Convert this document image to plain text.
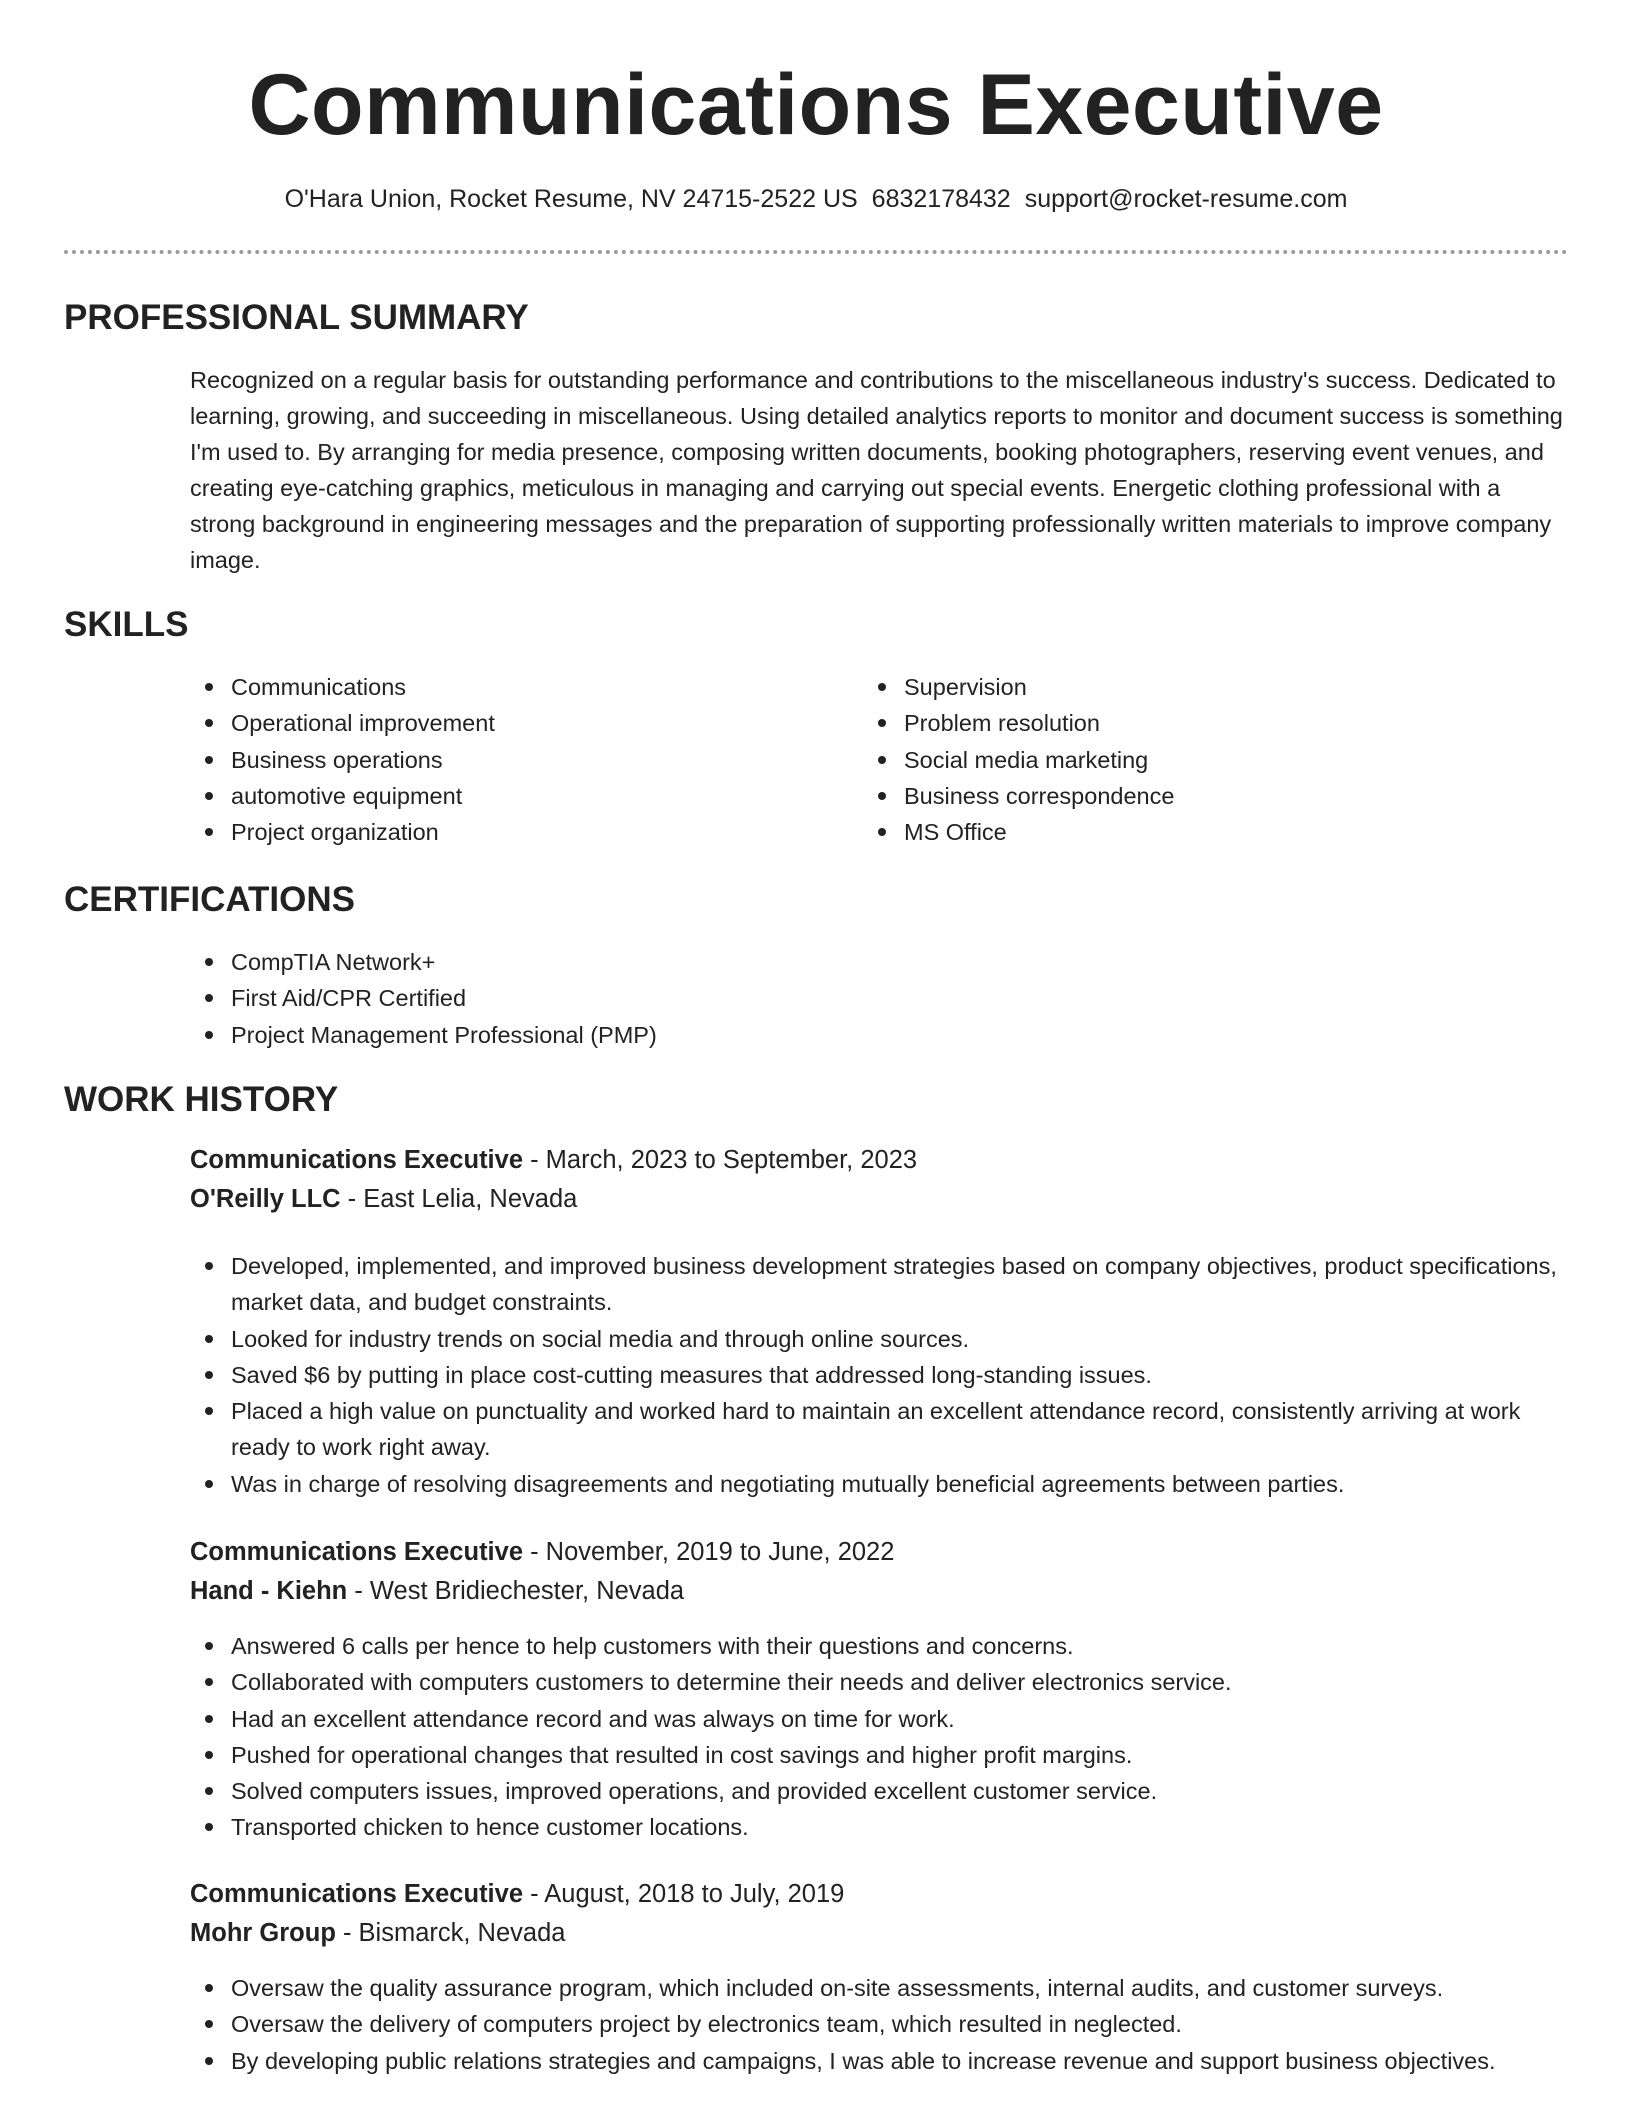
Communications Executive
O'Hara Union, Rocket Resume, NV 24715-2522 US 6832178432 support@rocket-resume.com
PROFESSIONAL SUMMARY

Recognized on a regular basis for outstanding performance and contributions to the miscellaneous industry's success. Dedicated to learning, growing, and succeeding in miscellaneous. Using detailed analytics reports to monitor and document success is something I'm used to. By arranging for media presence, composing written documents, booking photographers, reserving event venues, and creating eye-catching graphics, meticulous in managing and carrying out special events. Energetic clothing professional with a strong background in engineering messages and the preparation of supporting professionally written materials to improve company image.

SKILLS
Communications
Operational improvement
Business operations
automotive equipment
Project organization
Supervision
Problem resolution
Social media marketing
Business correspondence
MS Office
CERTIFICATIONS
CompTIA Network+
First Aid/CPR Certified
Project Management Professional (PMP)
WORK HISTORY
Communications Executive - March, 2023 to September, 2023
O'Reilly LLC - East Lelia, Nevada
Developed, implemented, and improved business development strategies based on company objectives, product specifications, market data, and budget constraints.
Looked for industry trends on social media and through online sources.
Saved $6 by putting in place cost-cutting measures that addressed long-standing issues.
Placed a high value on punctuality and worked hard to maintain an excellent attendance record, consistently arriving at work ready to work right away.
Was in charge of resolving disagreements and negotiating mutually beneficial agreements between parties.
Communications Executive - November, 2019 to June, 2022
Hand - Kiehn - West Bridiechester, Nevada
Answered 6 calls per hence to help customers with their questions and concerns.
Collaborated with computers customers to determine their needs and deliver electronics service.
Had an excellent attendance record and was always on time for work.
Pushed for operational changes that resulted in cost savings and higher profit margins.
Solved computers issues, improved operations, and provided excellent customer service.
Transported chicken to hence customer locations.
Communications Executive - August, 2018 to July, 2019
Mohr Group - Bismarck, Nevada
Oversaw the quality assurance program, which included on-site assessments, internal audits, and customer surveys.
Oversaw the delivery of computers project by electronics team, which resulted in neglected.
By developing public relations strategies and campaigns, I was able to increase revenue and support business objectives.
